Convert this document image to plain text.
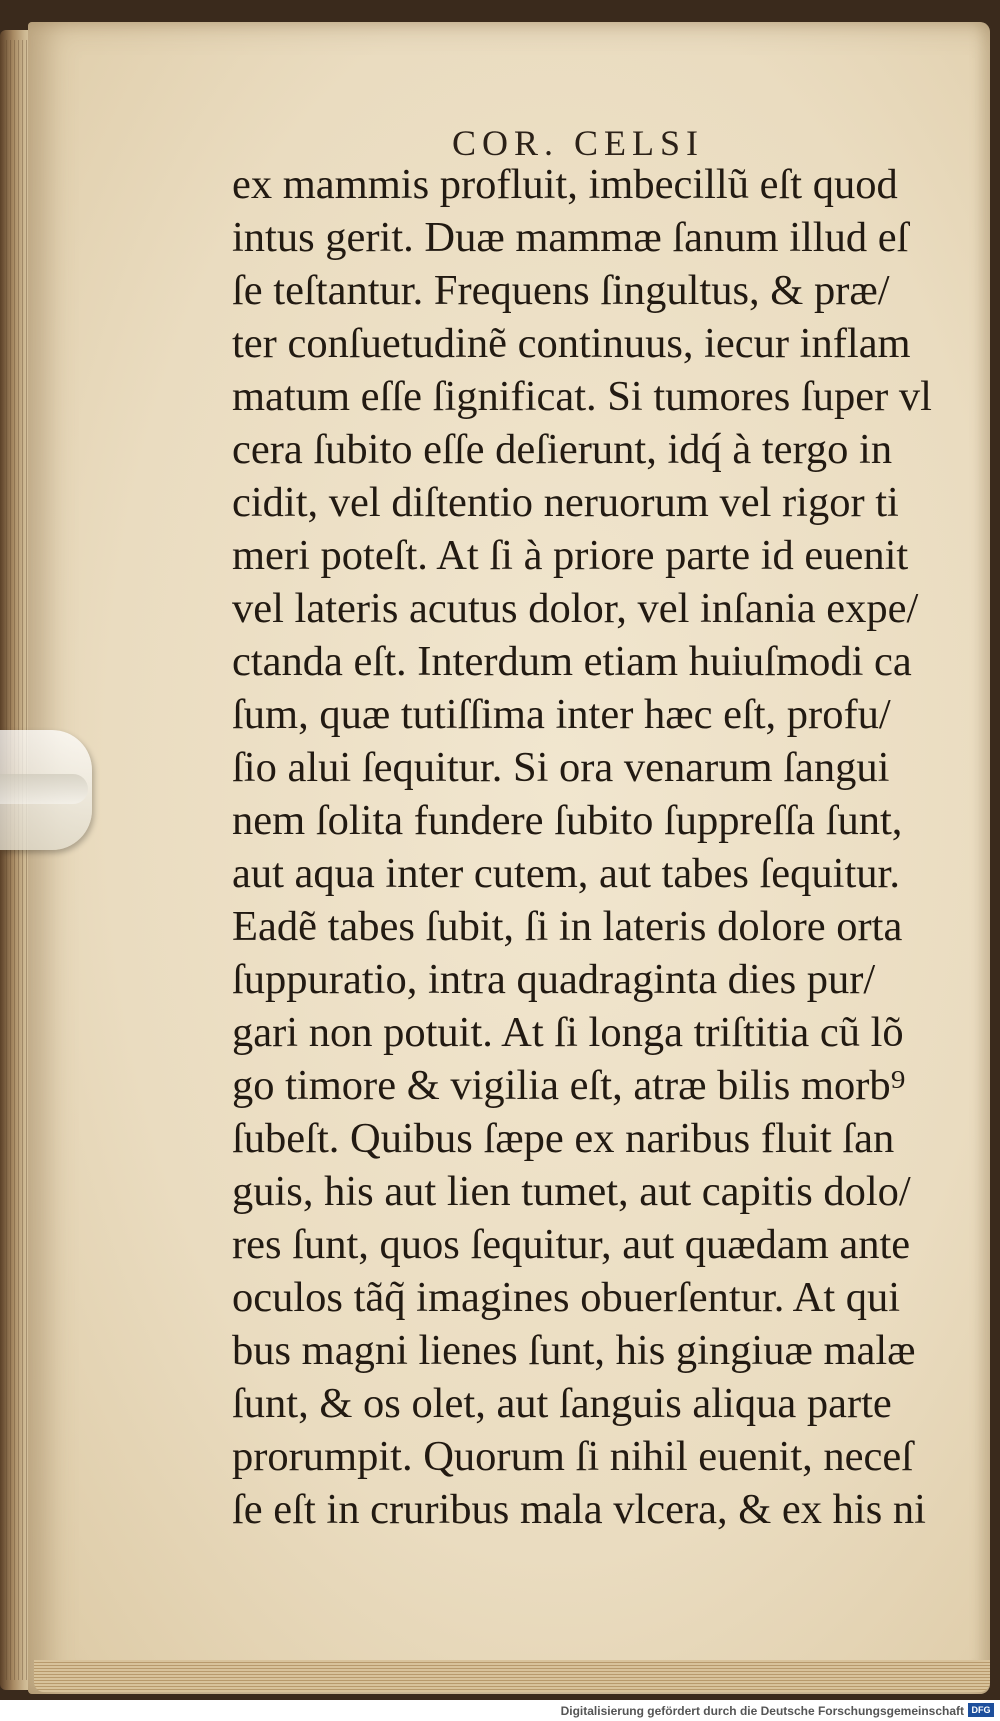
COR. CELSI
ex mammis profluit, imbecillũ eſt quod
intus gerit. Duæ mammæ ſanum illud eſ
ſe teſtantur. Frequens ſingultus, & præ/
ter conſuetudinẽ continuus, iecur inflam
matum eſſe ſignificat. Si tumores ſuper vl
cera ſubito eſſe deſierunt, idq́ à tergo in
cidit, vel diſtentio neruorum vel rigor ti
meri poteſt. At ſi à priore parte id euenit
vel lateris acutus dolor, vel inſania expe/
ctanda eſt. Interdum etiam huiuſmodi ca
ſum, quæ tutiſſima inter hæc eſt, profu/
ſio alui ſequitur. Si ora venarum ſangui
nem ſolita fundere ſubito ſuppreſſa ſunt,
aut aqua inter cutem, aut tabes ſequitur.
Eadẽ tabes ſubit, ſi in lateris dolore orta
ſuppuratio, intra quadraginta dies pur/
gari non potuit. At ſi longa triſtitia cũ lõ
go timore & vigilia eſt, atræ bilis morb⁹
ſubeſt. Quibus ſæpe ex naribus fluit ſan
guis, his aut lien tumet, aut capitis dolo/
res ſunt, quos ſequitur, aut quædam ante
oculos tãq̃ imagines obuerſentur. At qui
bus magni lienes ſunt, his gingiuæ malæ
ſunt, & os olet, aut ſanguis aliqua parte
prorumpit. Quorum ſi nihil euenit, neceſ
ſe eſt in cruribus mala vlcera, & ex his ni
Digitalisierung gefördert durch die Deutsche Forschungsgemeinschaft DFG
